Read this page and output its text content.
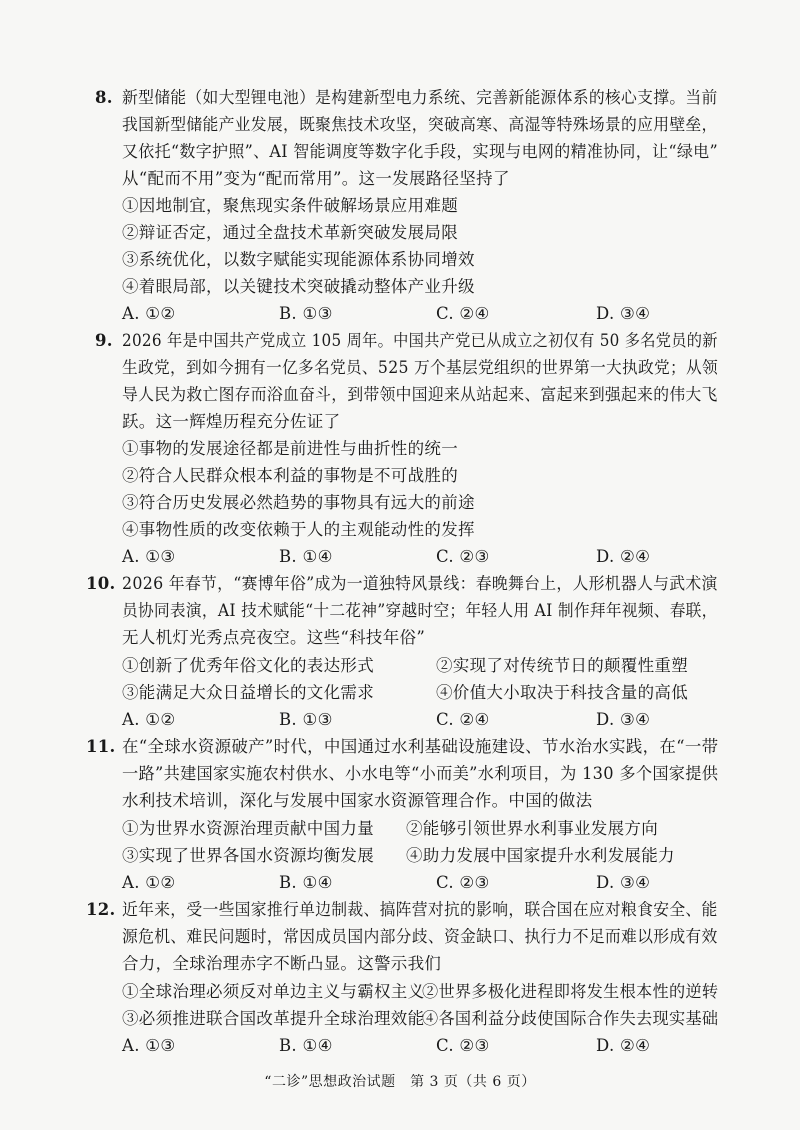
8. 新型储能（如大型锂电池）是构建新型电力系统、完善新能源体系的核心支撑。当前
我国新型储能产业发展，既聚焦技术攻坚，突破高寒、高湿等特殊场景的应用壁垒，
又依托“数字护照”、AI 智能调度等数字化手段，实现与电网的精准协同，让“绿电”
从“配而不用”变为“配而常用”。这一发展路径坚持了
①因地制宜，聚焦现实条件破解场景应用难题
②辩证否定，通过全盘技术革新突破发展局限
③系统优化，以数字赋能实现能源体系协同增效
④着眼局部，以关键技术突破撬动整体产业升级
A. ①②	B. ①③	C. ②④	D. ③④
9. 2026 年是中国共产党成立 105 周年。中国共产党已从成立之初仅有 50 多名党员的新
生政党，到如今拥有一亿多名党员、525 万个基层党组织的世界第一大执政党；从领
导人民为救亡图存而浴血奋斗，到带领中国迎来从站起来、富起来到强起来的伟大飞
跃。这一辉煌历程充分佐证了
①事物的发展途径都是前进性与曲折性的统一
②符合人民群众根本利益的事物是不可战胜的
③符合历史发展必然趋势的事物具有远大的前途
④事物性质的改变依赖于人的主观能动性的发挥
A. ①③	B. ①④	C. ②③	D. ②④
10. 2026 年春节，“赛博年俗”成为一道独特风景线：春晚舞台上，人形机器人与武术演
员协同表演，AI 技术赋能“十二花神”穿越时空；年轻人用 AI 制作拜年视频、春联，
无人机灯光秀点亮夜空。这些“科技年俗”
①创新了优秀年俗文化的表达形式	②实现了对传统节日的颠覆性重塑
③能满足大众日益增长的文化需求	④价值大小取决于科技含量的高低
A. ①②	B. ①③	C. ②④	D. ③④
11. 在“全球水资源破产”时代，中国通过水利基础设施建设、节水治水实践，在“一带
一路”共建国家实施农村供水、小水电等“小而美”水利项目，为 130 多个国家提供
水利技术培训，深化与发展中国家水资源管理合作。中国的做法
①为世界水资源治理贡献中国力量 ②能够引领世界水利事业发展方向
③实现了世界各国水资源均衡发展 ④助力发展中国家提升水利发展能力
A. ①②	B. ①④	C. ②③	D. ③④
12. 近年来，受一些国家推行单边制裁、搞阵营对抗的影响，联合国在应对粮食安全、能
源危机、难民问题时，常因成员国内部分歧、资金缺口、执行力不足而难以形成有效
合力，全球治理赤字不断凸显。这警示我们
①全球治理必须反对单边主义与霸权主义
②世界多极化进程即将发生根本性的逆转
③必须推进联合国改革提升全球治理效能
④各国利益分歧使国际合作失去现实基础
A. ①③	B. ①④	C. ②③	D. ②④
“二诊”思想政治试题　第 3 页（共 6 页）
